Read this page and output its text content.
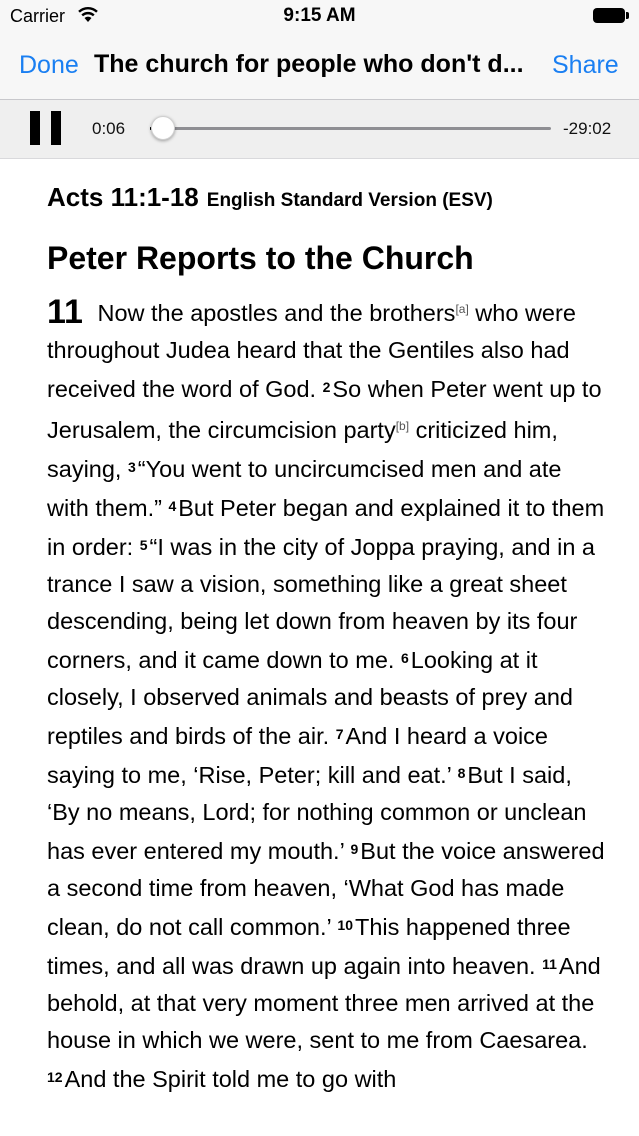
Carrier	9:15 AM
Done The church for people who don't d...	Share
0:06	-29:02
Acts 11:1-18 English Standard Version (ESV)
Peter Reports to the Church
11 Now the apostles and the brothers[a] who were throughout Judea heard that the Gentiles also had received the word of God. $^2$So when Peter went up to Jerusalem, the circumcision party[b] criticized him, saying, $^3$“You went to uncircumcised men and ate with them.” $^4$But Peter began and explained it to them in order: $^5$“I was in the city of Joppa praying, and in a trance I saw a vision, something like a great sheet descending, being let down from heaven by its four corners, and it came down to me. $^6$Looking at it closely, I observed animals and beasts of prey and reptiles and birds of the air. $^7$And I heard a voice saying to me, ‘Rise, Peter; kill and eat.’ $^8$But I said, ‘By no means, Lord; for nothing common or unclean has ever entered my mouth.’ $^9$But the voice answered a second time from heaven, ‘What God has made clean, do not call common.’ $^{10}$This happened three times, and all was drawn up again into heaven. $^{11}$And behold, at that very moment three men arrived at the house in which we were, sent to me from Caesarea. $^{12}$And the Spirit told me to go with
